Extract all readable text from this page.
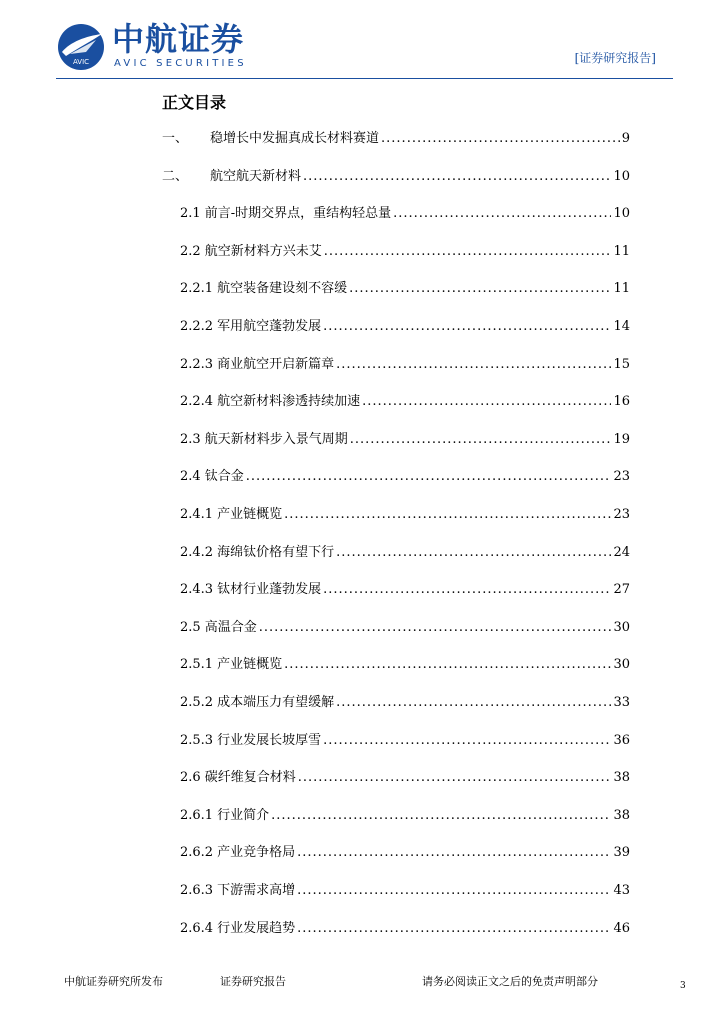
AVIC
中航证券
AVIC SECURITIES	[证券研究报告]
正文目录
一、 稳增长中发掘真成长材料赛道 .....	9
二、 航空航天新材料 .....	10
2.1 前言-时期交界点，重结构轻总量 .....	10
2.2 航空新材料方兴未艾 .....	11
2.2.1 航空装备建设刻不容缓 .....	11
2.2.2 军用航空蓬勃发展 .....	14
2.2.3 商业航空开启新篇章 .....	15
2.2.4 航空新材料渗透持续加速 .....	16
2.3 航天新材料步入景气周期 .....	19
2.4 钛合金 .....	23
2.4.1 产业链概览 .....	23
2.4.2 海绵钛价格有望下行 .....	24
2.4.3 钛材行业蓬勃发展 .....	27
2.5 高温合金 .....	30
2.5.1 产业链概览 .....	30
2.5.2 成本端压力有望缓解 .....	33
2.5.3 行业发展长坡厚雪 .....	36
2.6 碳纤维复合材料 .....	38
2.6.1 行业简介 .....	38
2.6.2 产业竞争格局 .....	39
2.6.3 下游需求高增 .....	43
2.6.4 行业发展趋势 .....	46
中航证券研究所发布	证券研究报告	请务必阅读正文之后的免责声明部分	3
